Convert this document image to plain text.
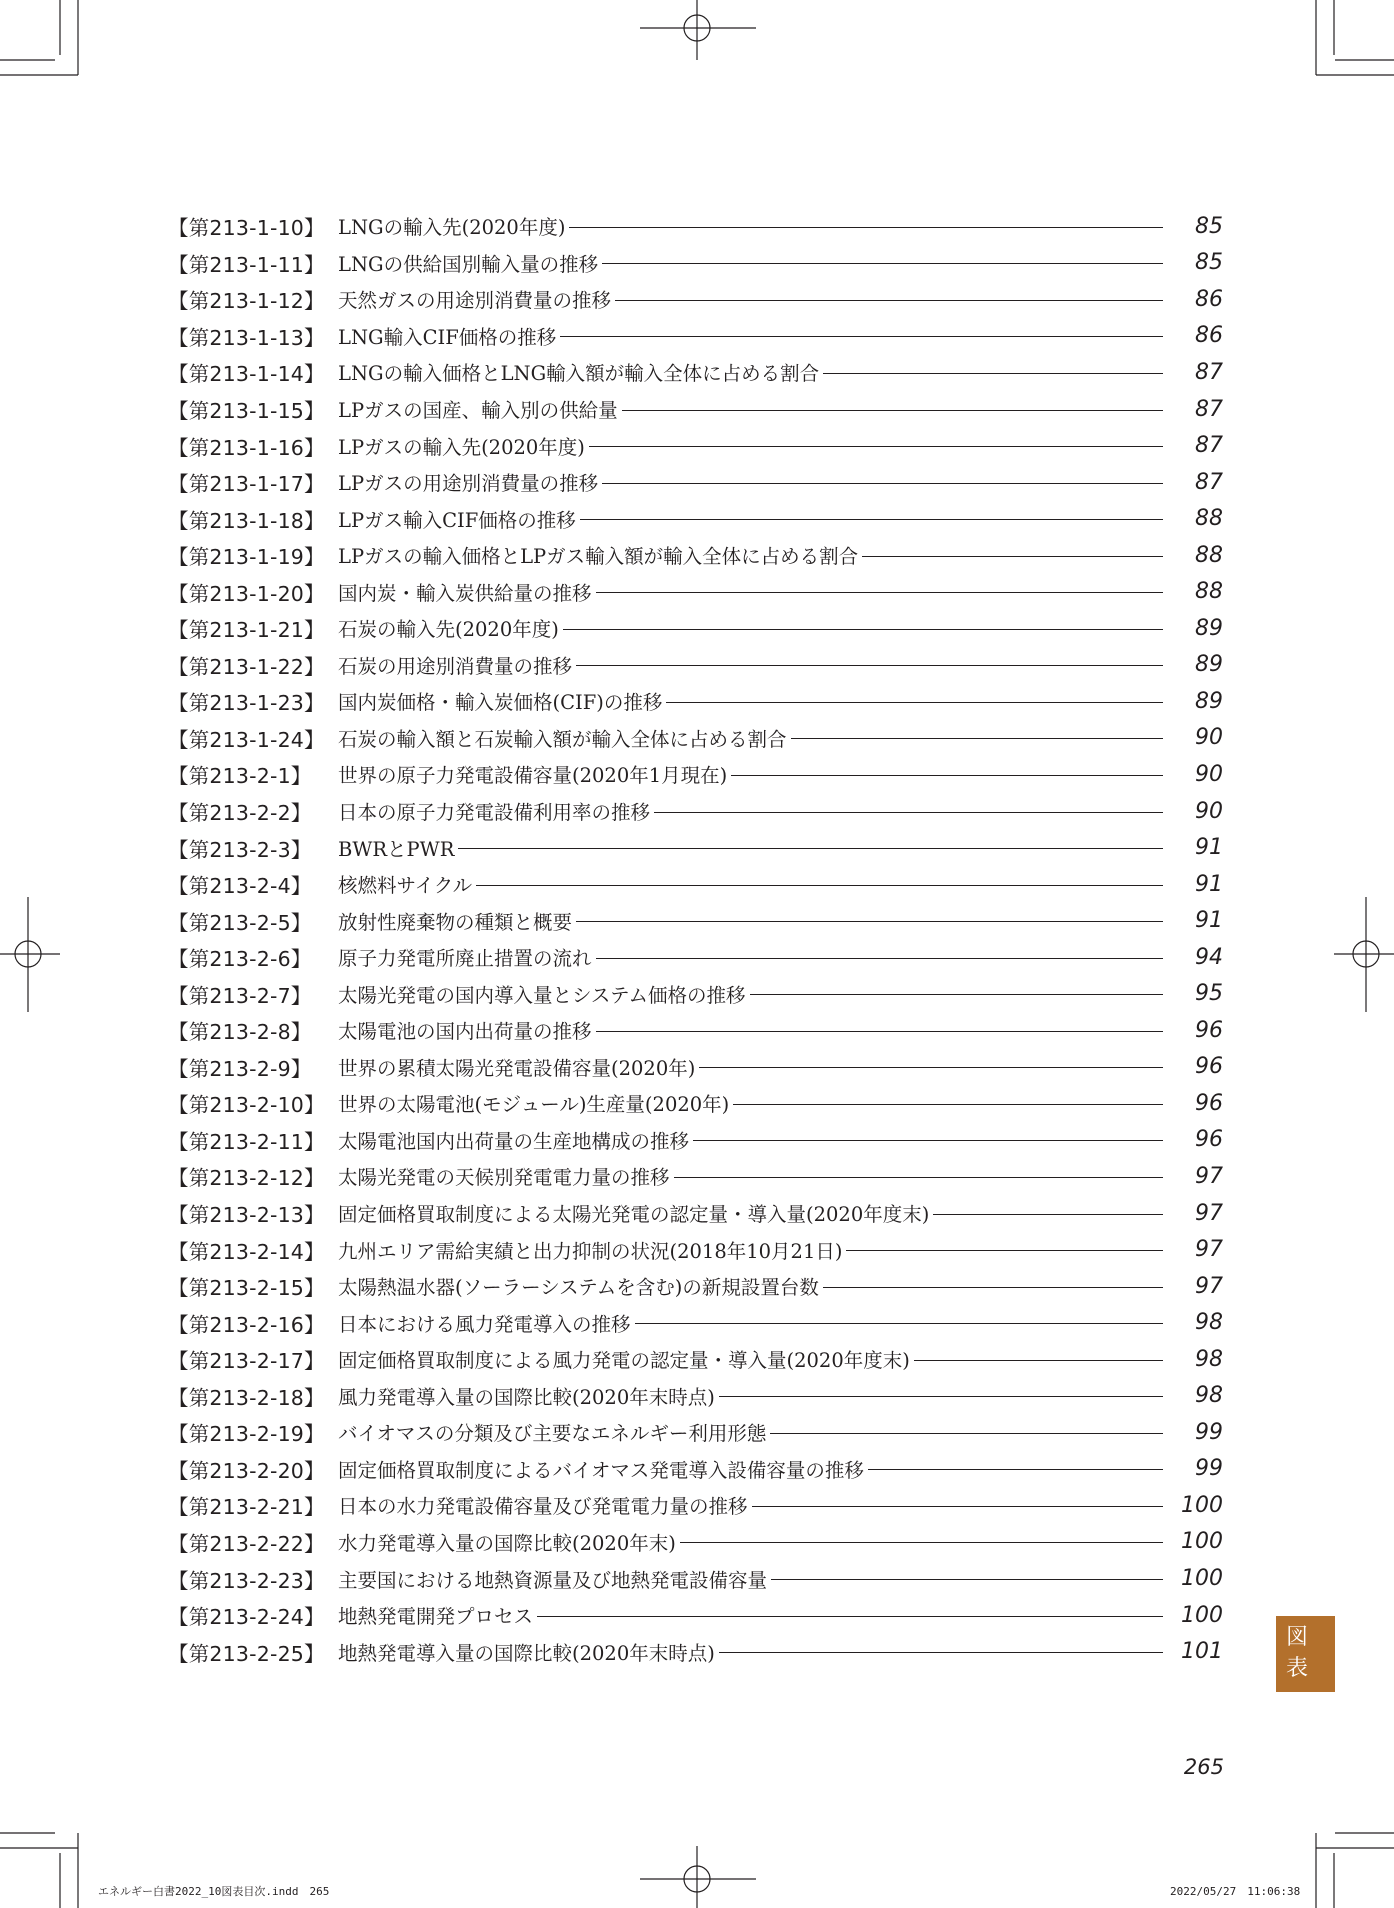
【第213-1-10】 LNGの輸入先(2020年度)	85
【第213-1-11】 LNGの供給国別輸入量の推移	85
【第213-1-12】 天然ガスの用途別消費量の推移	86
【第213-1-13】 LNG輸入CIF価格の推移	86
【第213-1-14】 LNGの輸入価格とLNG輸入額が輸入全体に占める割合	87
【第213-1-15】 LPガスの国産、輸入別の供給量	87
【第213-1-16】 LPガスの輸入先(2020年度)	87
【第213-1-17】 LPガスの用途別消費量の推移	87
【第213-1-18】 LPガス輸入CIF価格の推移	88
【第213-1-19】 LPガスの輸入価格とLPガス輸入額が輸入全体に占める割合	88
【第213-1-20】 国内炭・輸入炭供給量の推移	88
【第213-1-21】 石炭の輸入先(2020年度)	89
【第213-1-22】 石炭の用途別消費量の推移	89
【第213-1-23】 国内炭価格・輸入炭価格(CIF)の推移	89
【第213-1-24】 石炭の輸入額と石炭輸入額が輸入全体に占める割合	90
【第213-2-1】	世界の原子力発電設備容量(2020年1月現在)	90
【第213-2-2】	日本の原子力発電設備利用率の推移	90
【第213-2-3】	BWRとPWR	91
【第213-2-4】	核燃料サイクル	91
【第213-2-5】	放射性廃棄物の種類と概要	91
【第213-2-6】	原子力発電所廃止措置の流れ	94
【第213-2-7】	太陽光発電の国内導入量とシステム価格の推移	95
【第213-2-8】	太陽電池の国内出荷量の推移	96
【第213-2-9】	世界の累積太陽光発電設備容量(2020年)	96
【第213-2-10】 世界の太陽電池(モジュール)生産量(2020年)	96
【第213-2-11】 太陽電池国内出荷量の生産地構成の推移	96
【第213-2-12】 太陽光発電の天候別発電電力量の推移	97
【第213-2-13】 固定価格買取制度による太陽光発電の認定量・導入量(2020年度末)	97
【第213-2-14】 九州エリア需給実績と出力抑制の状況(2018年10月21日)	97
【第213-2-15】 太陽熱温水器(ソーラーシステムを含む)の新規設置台数	97
【第213-2-16】 日本における風力発電導入の推移	98
【第213-2-17】 固定価格買取制度による風力発電の認定量・導入量(2020年度末)	98
【第213-2-18】 風力発電導入量の国際比較(2020年末時点)	98
【第213-2-19】 バイオマスの分類及び主要なエネルギー利用形態	99
【第213-2-20】 固定価格買取制度によるバイオマス発電導入設備容量の推移	99
【第213-2-21】 日本の水力発電設備容量及び発電電力量の推移	100
【第213-2-22】 水力発電導入量の国際比較(2020年末)	100
【第213-2-23】 主要国における地熱資源量及び地熱発電設備容量	100
【第213-2-24】 地熱発電開発プロセス	100
【第213-2-25】 地熱発電導入量の国際比較(2020年末時点)	101
図
表
265
エネルギー白書2022_10図表目次.indd　265	2022/05/27　11:06:38
